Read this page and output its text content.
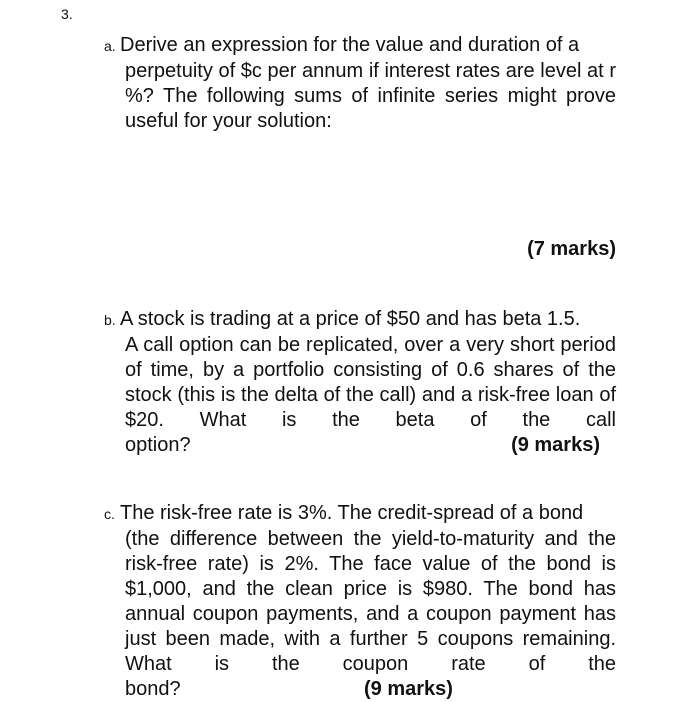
3.
a. Derive an expression for the value and duration of a
perpetuity of $c per annum if interest rates are level at r %? The following sums of infinite series might prove useful for your solution:
(7 marks)
b. A stock is trading at a price of $50 and has beta 1.5.
A call option can be replicated, over a very short period of time, by a portfolio consisting of 0.6 shares of the stock (this is the delta of the call) and a risk-free loan of $20. What is the beta of the call
option?	(9 marks)
c. The risk-free rate is 3%. The credit-spread of a bond
(the difference between the yield-to-maturity and the risk-free rate) is 2%. The face value of the bond is $1,000, and the clean price is $980. The bond has annual coupon payments, and a coupon payment has just been made, with a further 5 coupons remaining. What is the coupon rate of the
bond?	(9 marks)
